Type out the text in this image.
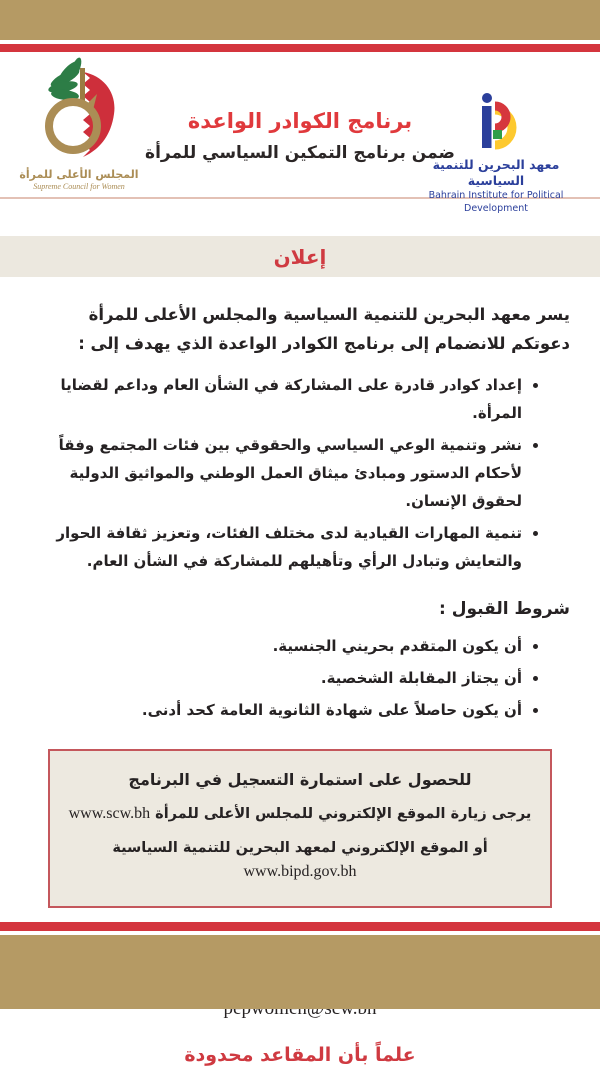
المجلس الأعلى للمرأة
Supreme Council for Women
برنامج الكوادر الواعدة
ضمن برنامج التمكين السياسي للمرأة
معهد البحرين للتنمية السياسية
Bahrain Institute for Political Development
إعلان

يسر معهد البحرين للتنمية السياسية والمجلس الأعلى للمرأة دعوتكم للانضمام إلى برنامج الكوادر الواعدة الذي يهدف إلى :

• إعداد كوادر قادرة على المشاركة في الشأن العام وداعم لقضايا المرأة.
• نشر وتنمية الوعي السياسي والحقوقي بين فئات المجتمع وفقاً لأحكام الدستور ومبادئ ميثاق العمل الوطني والمواثيق الدولية لحقوق الإنسان.
• تنمية المهارات القيادية لدى مختلف الفئات، وتعزيز ثقافة الحوار والتعايش وتبادل الرأي وتأهيلهم للمشاركة في الشأن العام.
شروط القبول :
• أن يكون المتقدم بحريني الجنسية.
• أن يجتاز المقابلة الشخصية.
• أن يكون حاصلاً على شهادة الثانوية العامة كحد أدنى.
للحصول على استمارة التسجيل في البرنامج
يرجى زيارة الموقع الإلكتروني للمجلس الأعلى للمرأة www.scw.bh
أو الموقع الإلكتروني لمعهد البحرين للتنمية السياسية www.bipd.gov.bh

علماً بأن المقاعد محدودة
